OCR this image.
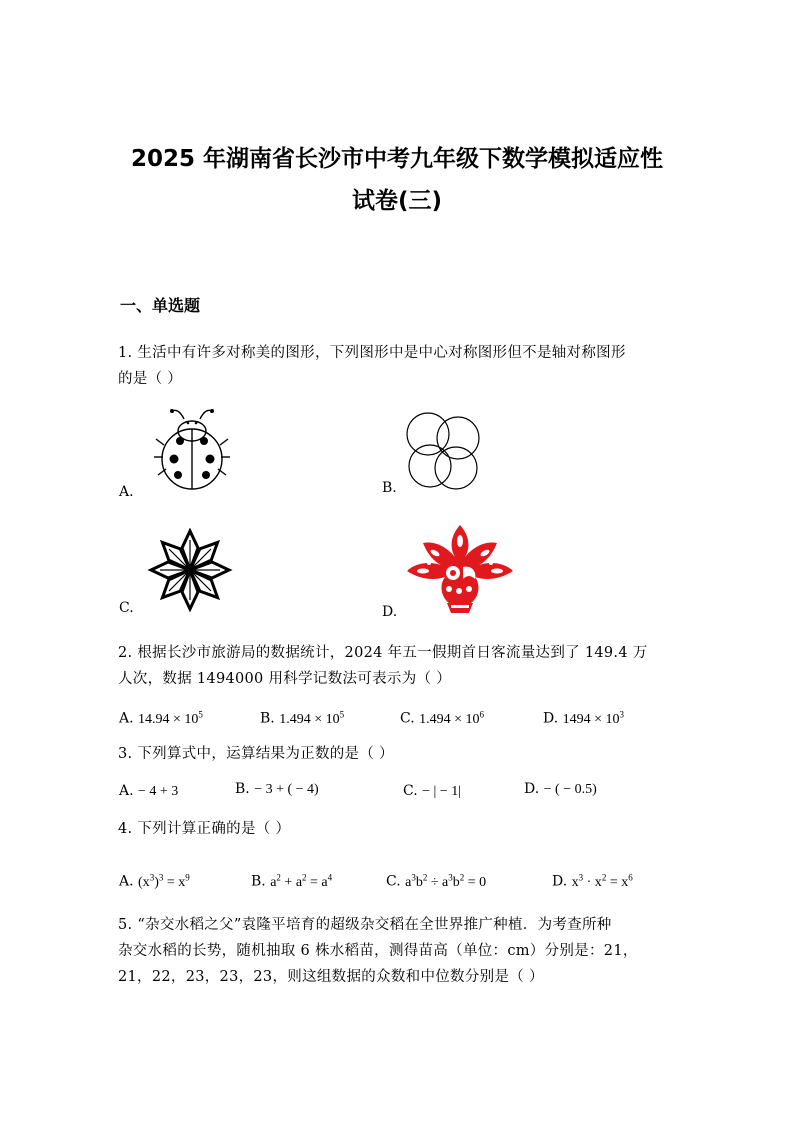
2025 年湖南省长沙市中考九年级下数学模拟适应性
试卷(三)
一、单选题
1. 生活中有许多对称美的图形，下列图形中是中心对称图形但不是轴对称图形
的是（ ）
A.	B.
C.	D.
2. 根据长沙市旅游局的数据统计，2024 年五一假期首日客流量达到了 149.4 万
人次，数据 1494000 用科学记数法可表示为（ ）
A. $14.94 \times 10^5$	B. $1.494 \times 10^5$	C. $1.494 \times 10^6$	D. $1494 \times 10^3$
3. 下列算式中，运算结果为正数的是（ ）
A. − 4 + 3	B. − 3 + ( − 4)	C. − | − 1|	D. − ( − 0.5)
4. 下列计算正确的是（ ）
A. $(x^3)^3 = x^9$	B. $a^2 + a^2 = a^4$	C. $a^3b^2 \div a^3b^2 = 0$	D. $x^3 \cdot x^2 = x^6$
5. “杂交水稻之父”袁隆平培育的超级杂交稻在全世界推广种植．为考查所种
杂交水稻的长势，随机抽取 6 株水稻苗，测得苗高（单位：cm）分别是：21，
21，22，23，23，23，则这组数据的众数和中位数分别是（ ）
